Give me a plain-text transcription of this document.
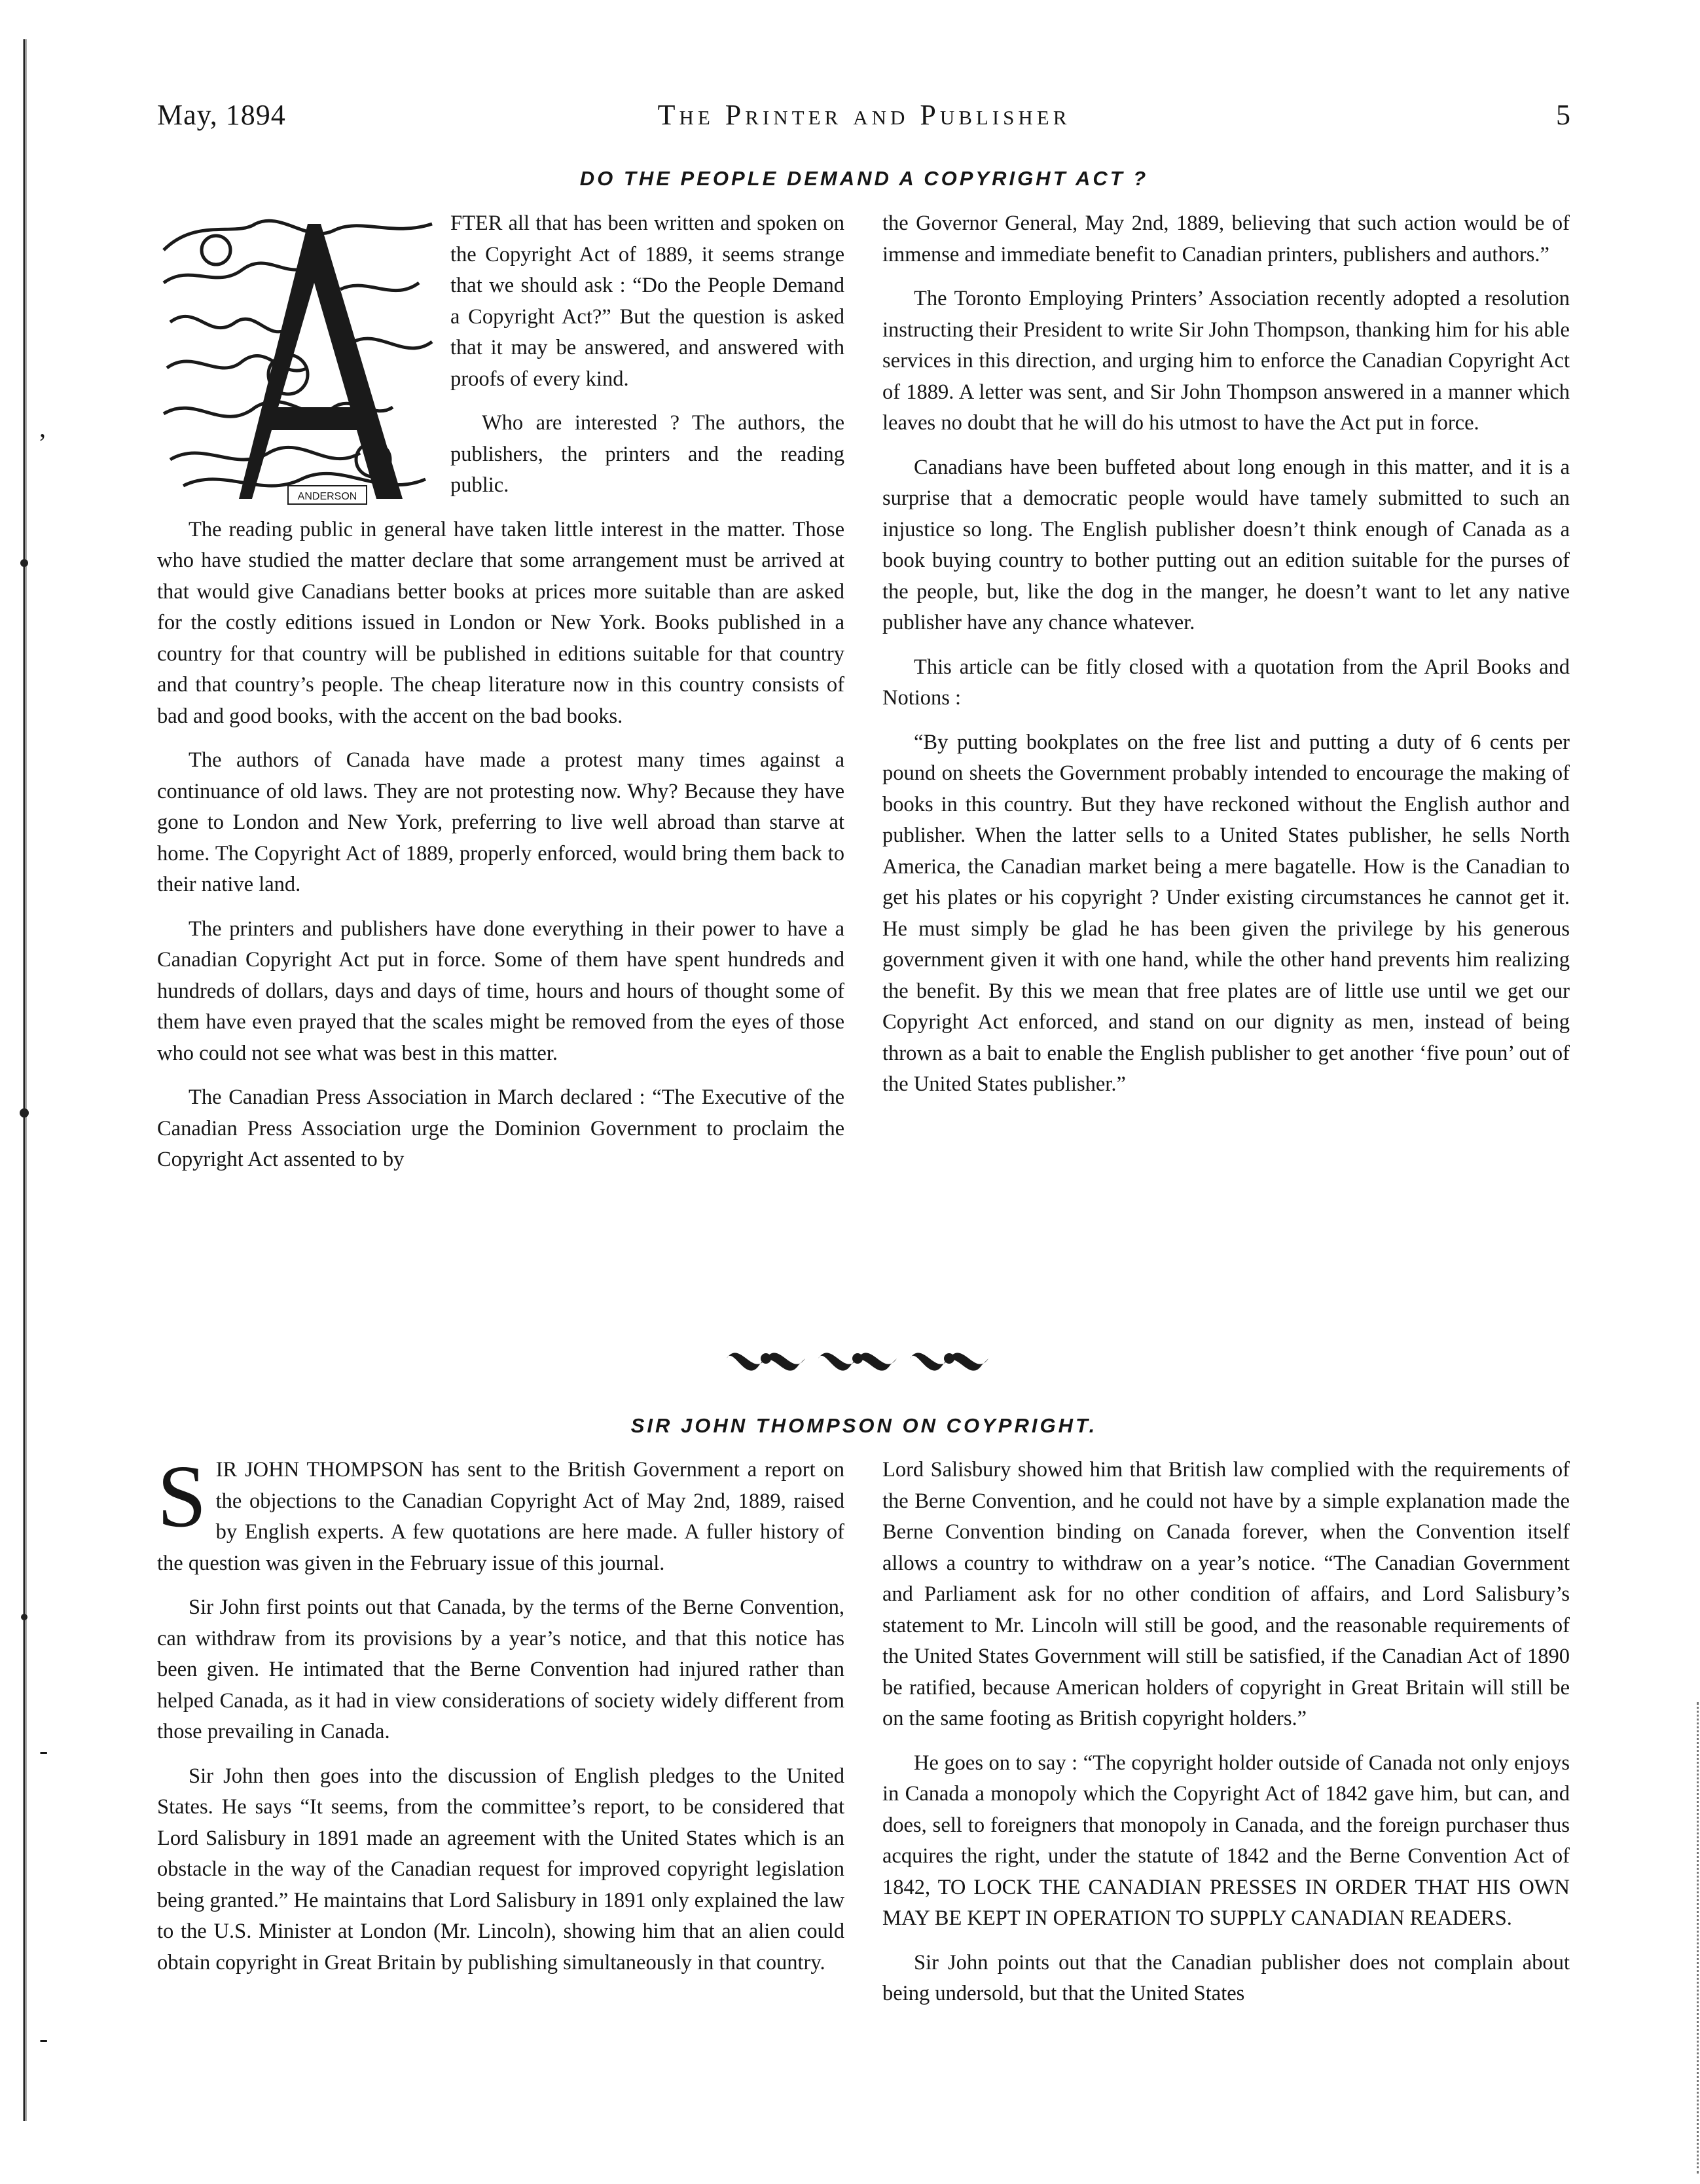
,
-
-
May, 1894	The Printer and Publisher	5
DO THE PEOPLE DEMAND A COPYRIGHT ACT ?
ANDERSON

FTER all that has been written and spoken on the Copyright Act of 1889, it seems strange that we should ask : “Do the People Demand a Copyright Act?” But the question is asked that it may be answered, and answered with proofs of every kind.

Who are interested ? The authors, the publishers, the printers and the reading public.

The reading public in general have taken little interest in the matter. Those who have studied the matter declare that some arrangement must be arrived at that would give Canadians better books at prices more suitable than are asked for the costly editions issued in London or New York. Books published in a country for that country will be published in editions suitable for that country and that country’s people. The cheap literature now in this country consists of bad and good books, with the accent on the bad books.

The authors of Canada have made a protest many times against a continuance of old laws. They are not protesting now. Why? Because they have gone to London and New York, preferring to live well abroad than starve at home. The Copyright Act of 1889, properly enforced, would bring them back to their native land.

The printers and publishers have done everything in their power to have a Canadian Copyright Act put in force. Some of them have spent hundreds and hundreds of dollars, days and days of time, hours and hours of thought some of them have even prayed that the scales might be removed from the eyes of those who could not see what was best in this matter.

The Canadian Press Association in March declared : “The Executive of the Canadian Press Association urge the Dominion Government to proclaim the Copyright Act assented to by

the Governor General, May 2nd, 1889, believing that such action would be of immense and immediate benefit to Canadian printers, publishers and authors.”

The Toronto Employing Printers’ Association recently adopted a resolution instructing their President to write Sir John Thompson, thanking him for his able services in this direction, and urging him to enforce the Canadian Copyright Act of 1889. A letter was sent, and Sir John Thompson answered in a manner which leaves no doubt that he will do his utmost to have the Act put in force.

Canadians have been buffeted about long enough in this matter, and it is a surprise that a democratic people would have tamely submitted to such an injustice so long. The English publisher doesn’t think enough of Canada as a book buying country to bother putting out an edition suitable for the purses of the people, but, like the dog in the manger, he doesn’t want to let any native publisher have any chance whatever.

This article can be fitly closed with a quotation from the April Books and Notions :

“By putting bookplates on the free list and putting a duty of 6 cents per pound on sheets the Government probably intended to encourage the making of books in this country. But they have reckoned without the English author and publisher. When the latter sells to a United States publisher, he sells North America, the Canadian market being a mere bagatelle. How is the Canadian to get his plates or his copyright ? Under existing circumstances he cannot get it. He must simply be glad he has been given the privilege by his generous government given it with one hand, while the other hand prevents him realizing the benefit. By this we mean that free plates are of little use until we get our Copyright Act enforced, and stand on our dignity as men, instead of being thrown as a bait to enable the English publisher to get another ‘five poun’ out of the United States publisher.”

SIR JOHN THOMPSON ON COYPRIGHT.
S IR JOHN THOMPSON has sent to the British Government a report on the objections to the Canadian Copyright Act of May 2nd, 1889, raised by English experts. A few quotations are here made. A fuller history of the question was given in the February issue of this journal.

Sir John first points out that Canada, by the terms of the Berne Convention, can withdraw from its provisions by a year’s notice, and that this notice has been given. He intimated that the Berne Convention had injured rather than helped Canada, as it had in view considerations of society widely different from those prevailing in Canada.

Sir John then goes into the discussion of English pledges to the United States. He says “It seems, from the committee’s report, to be considered that Lord Salisbury in 1891 made an agreement with the United States which is an obstacle in the way of the Canadian request for improved copyright legislation being granted.” He maintains that Lord Salisbury in 1891 only explained the law to the U.S. Minister at London (Mr. Lincoln), showing him that an alien could obtain copyright in Great Britain by publishing simultaneously in that country.

Lord Salisbury showed him that British law complied with the requirements of the Berne Convention, and he could not have by a simple explanation made the Berne Convention binding on Canada forever, when the Convention itself allows a country to withdraw on a year’s notice. “The Canadian Government and Parliament ask for no other condition of affairs, and Lord Salisbury’s statement to Mr. Lincoln will still be good, and the reasonable requirements of the United States Government will still be satisfied, if the Canadian Act of 1890 be ratified, because American holders of copyright in Great Britain will still be on the same footing as British copyright holders.”

He goes on to say : “The copyright holder outside of Canada not only enjoys in Canada a monopoly which the Copyright Act of 1842 gave him, but can, and does, sell to foreigners that monopoly in Canada, and the foreign purchaser thus acquires the right, under the statute of 1842 and the Berne Convention Act of 1842, TO LOCK THE CANADIAN PRESSES IN ORDER THAT HIS OWN MAY BE KEPT IN OPERATION TO SUPPLY CANADIAN READERS.

Sir John points out that the Canadian publisher does not complain about being undersold, but that the United States
